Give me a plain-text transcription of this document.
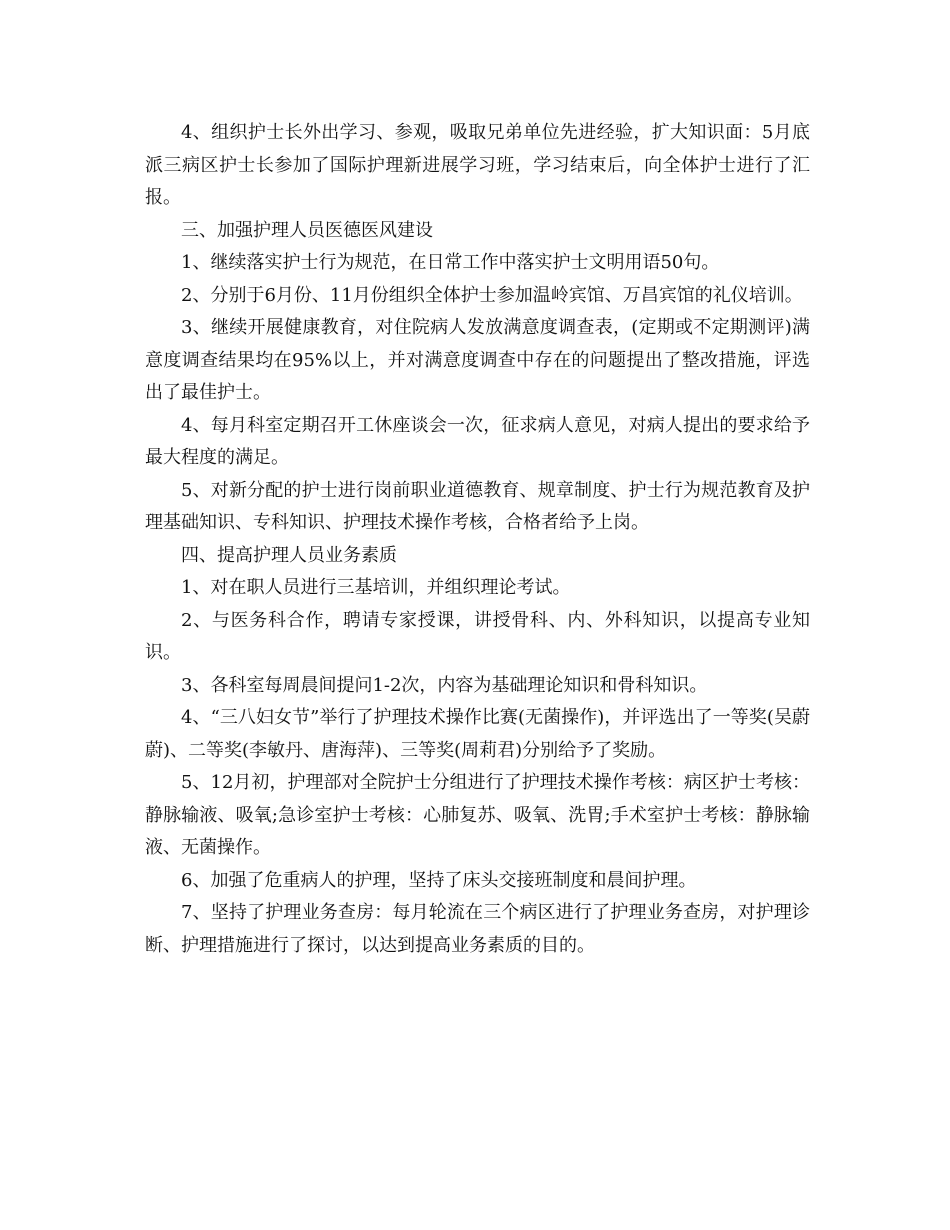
4、组织护士长外出学习、参观，吸取兄弟单位先进经验，扩大知识面：5月底派三病区护士长参加了国际护理新进展学习班，学习结束后，向全体护士进行了汇报。

三、加强护理人员医德医风建设

1、继续落实护士行为规范，在日常工作中落实护士文明用语50句。

2、分别于6月份、11月份组织全体护士参加温岭宾馆、万昌宾馆的礼仪培训。

3、继续开展健康教育，对住院病人发放满意度调查表，(定期或不定期测评)满意度调查结果均在95%以上，并对满意度调查中存在的问题提出了整改措施，评选出了最佳护士。

4、每月科室定期召开工休座谈会一次，征求病人意见，对病人提出的要求给予最大程度的满足。

5、对新分配的护士进行岗前职业道德教育、规章制度、护士行为规范教育及护理基础知识、专科知识、护理技术操作考核，合格者给予上岗。

四、提高护理人员业务素质

1、对在职人员进行三基培训，并组织理论考试。

2、与医务科合作，聘请专家授课，讲授骨科、内、外科知识，以提高专业知识。

3、各科室每周晨间提问1-2次，内容为基础理论知识和骨科知识。

4、“三八妇女节”举行了护理技术操作比赛(无菌操作)，并评选出了一等奖(吴蔚蔚)、二等奖(李敏丹、唐海萍)、三等奖(周莉君)分别给予了奖励。

5、12月初，护理部对全院护士分组进行了护理技术操作考核：病区护士考核：静脉输液、吸氧;急诊室护士考核：心肺复苏、吸氧、洗胃;手术室护士考核：静脉输液、无菌操作。

6、加强了危重病人的护理，坚持了床头交接班制度和晨间护理。

7、坚持了护理业务查房：每月轮流在三个病区进行了护理业务查房，对护理诊断、护理措施进行了探讨，以达到提高业务素质的目的。
